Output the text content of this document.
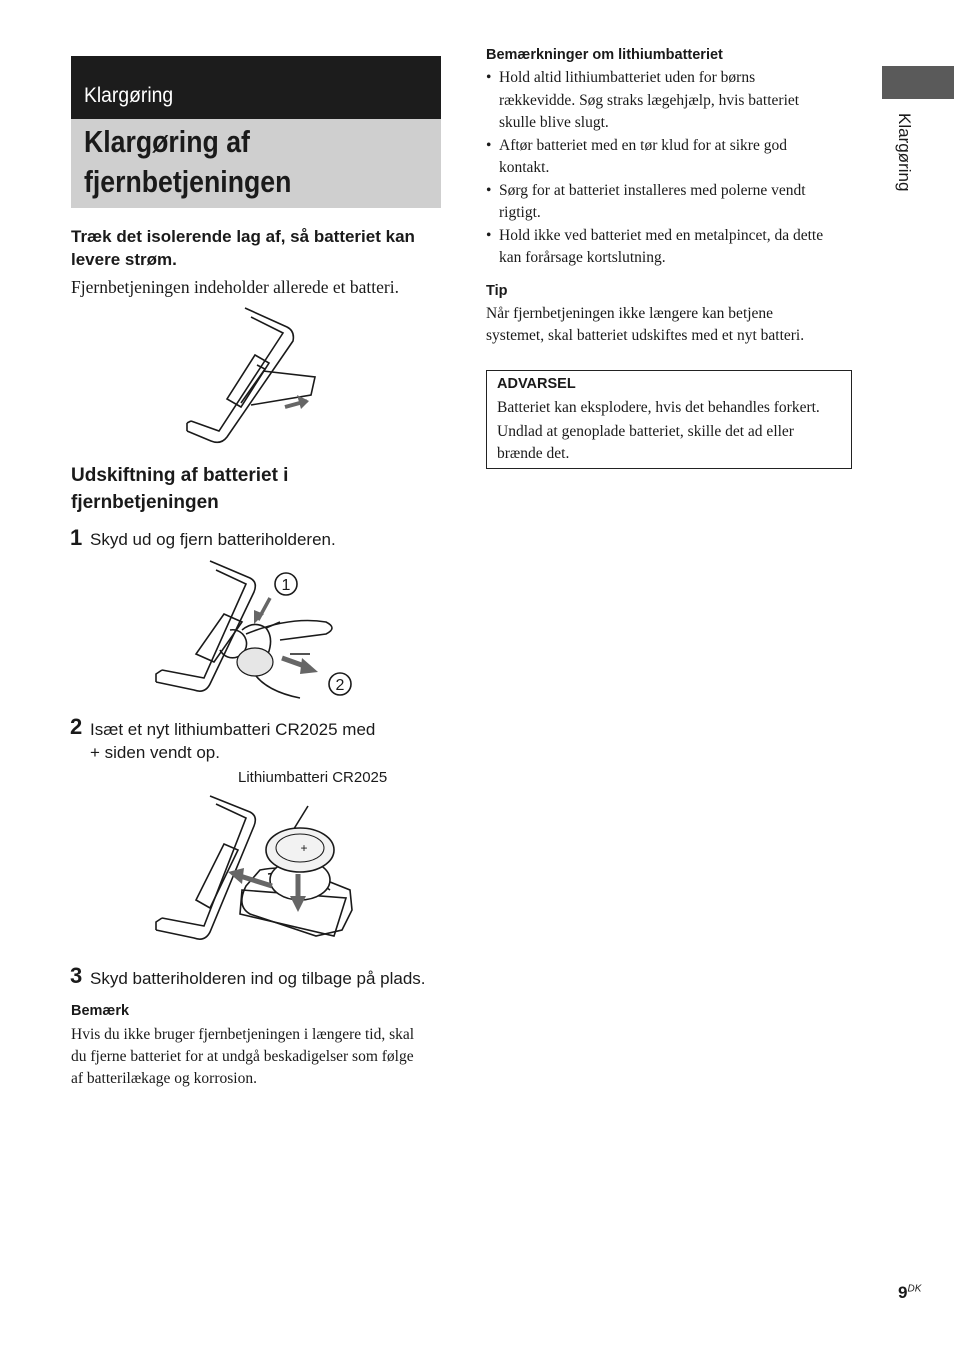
Klargøring
Klargøring af
fjernbetjeningen
Træk det isolerende lag af, så batteriet kan
levere strøm.
Fjernbetjeningen indeholder allerede et batteri.
Udskiftning af batteriet i
fjernbetjeningen
1 Skyd ud og fjern batteriholderen.
1
2
2 Isæt et nyt lithiumbatteri CR2025 med
+ siden vendt op.
Lithiumbatteri CR2025
+
3 Skyd batteriholderen ind og tilbage på plads.
Bemærk
Hvis du ikke bruger fjernbetjeningen i længere tid, skal
du fjerne batteriet for at undgå beskadigelser som følge
af batterilækage og korrosion.
Bemærkninger om lithiumbatteriet
• Hold altid lithiumbatteriet uden for børns
rækkevidde. Søg straks lægehjælp, hvis batteriet
skulle blive slugt.
• Aftør batteriet med en tør klud for at sikre god
kontakt.
• Sørg for at batteriet installeres med polerne vendt
rigtigt.
• Hold ikke ved batteriet med en metalpincet, da dette
kan forårsage kortslutning.
Tip
Når fjernbetjeningen ikke længere kan betjene
systemet, skal batteriet udskiftes med et nyt batteri.
ADVARSEL
Batteriet kan eksplodere, hvis det behandles forkert.
Undlad at genoplade batteriet, skille det ad eller
brænde det.
Klargøring
$9^{DK}$
